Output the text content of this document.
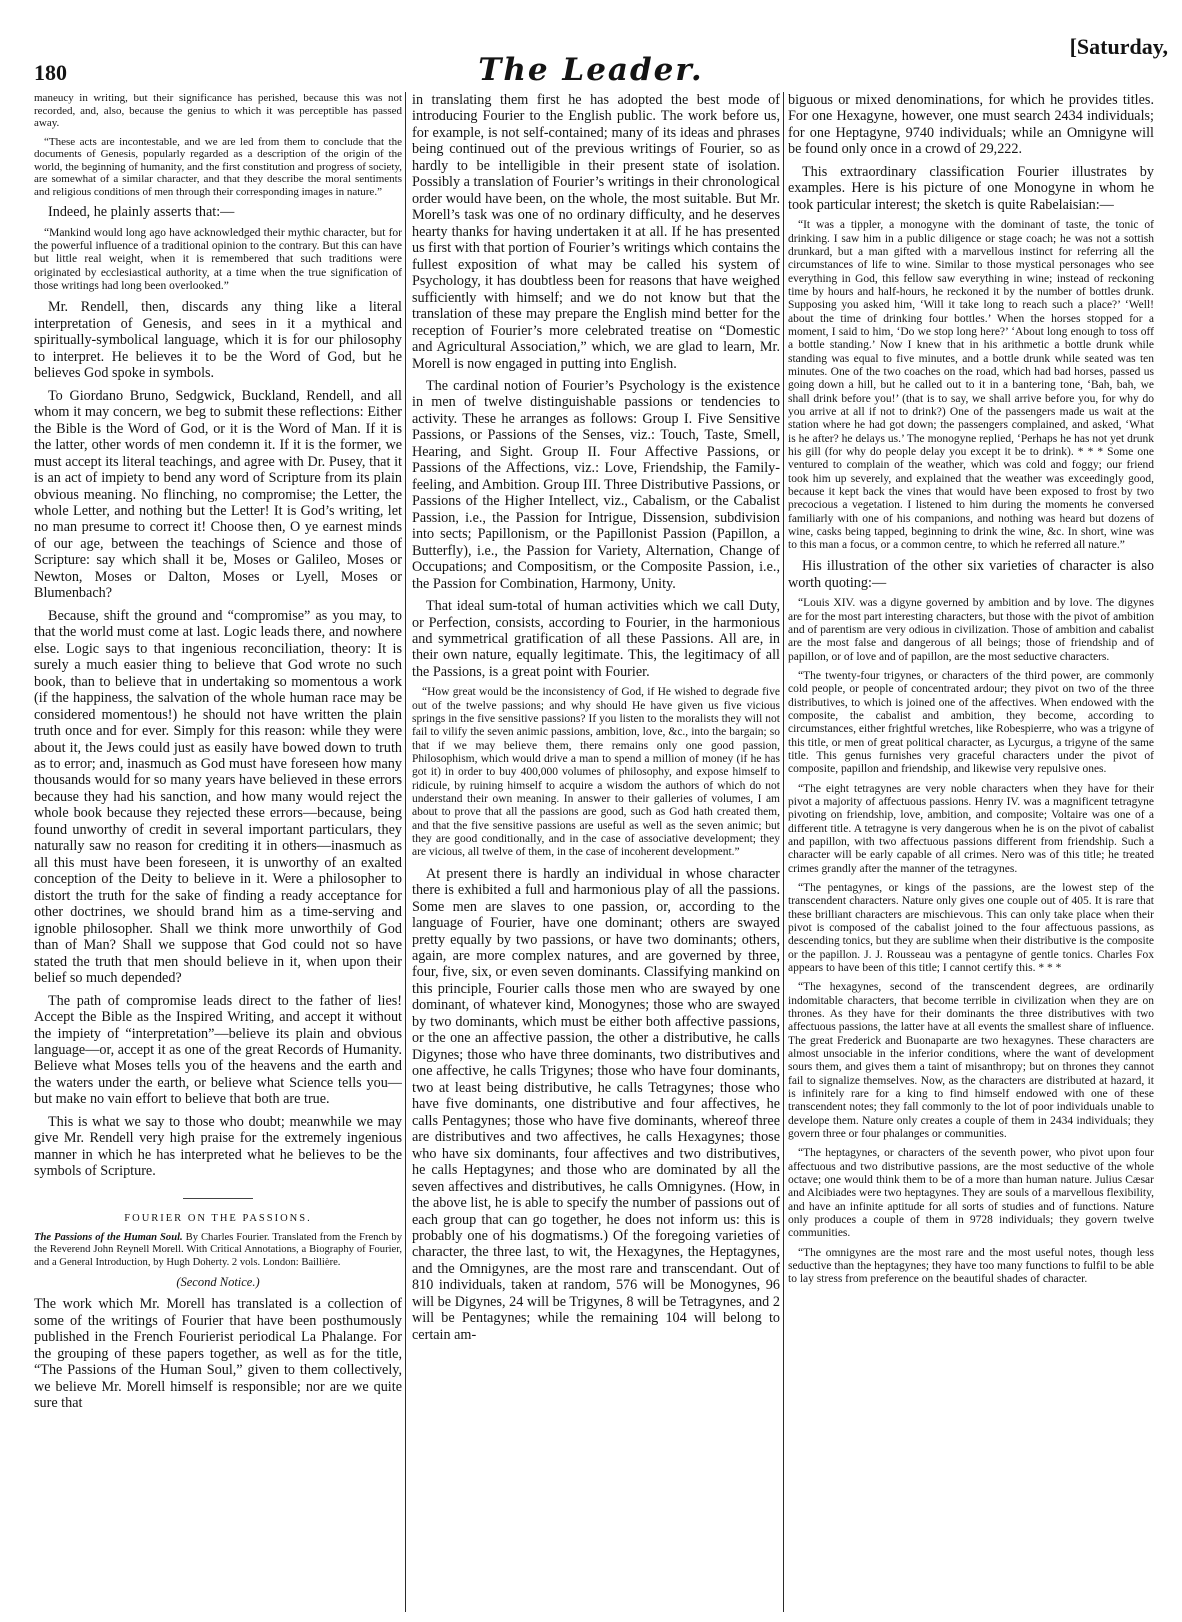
180	The Leader.
[Saturday,

maneucy in writing, but their significance has perished, because this was not recorded, and, also, because the genius to which it was perceptible has passed away.

“These acts are incontestable, and we are led from them to conclude that the documents of Genesis, popularly regarded as a description of the origin of the world, the beginning of humanity, and the first constitution and progress of society, are somewhat of a similar character, and that they describe the moral sentiments and religious conditions of men through their corresponding images in nature.”

Indeed, he plainly asserts that:—

“Mankind would long ago have acknowledged their mythic character, but for the powerful influence of a traditional opinion to the contrary. But this can have but little real weight, when it is remembered that such traditions were originated by ecclesiastical authority, at a time when the true signification of those writings had long been overlooked.”

Mr. Rendell, then, discards any thing like a literal interpretation of Genesis, and sees in it a mythical and spiritually-symbolical language, which it is for our philosophy to interpret. He believes it to be the Word of God, but he believes God spoke in symbols.

To Giordano Bruno, Sedgwick, Buckland, Rendell, and all whom it may concern, we beg to submit these reflections: Either the Bible is the Word of God, or it is the Word of Man. If it is the latter, other words of men condemn it. If it is the former, we must accept its literal teachings, and agree with Dr. Pusey, that it is an act of impiety to bend any word of Scripture from its plain obvious meaning. No flinching, no compromise; the Letter, the whole Letter, and nothing but the Letter! It is God’s writing, let no man presume to correct it! Choose then, O ye earnest minds of our age, between the teachings of Science and those of Scripture: say which shall it be, Moses or Galileo, Moses or Newton, Moses or Dalton, Moses or Lyell, Moses or Blumenbach?

Because, shift the ground and “compromise” as you may, to that the world must come at last. Logic leads there, and nowhere else. Logic says to that ingenious reconciliation, theory: It is surely a much easier thing to believe that God wrote no such book, than to believe that in undertaking so momentous a work (if the happiness, the salvation of the whole human race may be considered momentous!) he should not have written the plain truth once and for ever. Simply for this reason: while they were about it, the Jews could just as easily have bowed down to truth as to error; and, inasmuch as God must have foreseen how many thousands would for so many years have believed in these errors because they had his sanction, and how many would reject the whole book because they rejected these errors—because, being found unworthy of credit in several important particulars, they naturally saw no reason for crediting it in others—inasmuch as all this must have been foreseen, it is unworthy of an exalted conception of the Deity to believe in it. Were a philosopher to distort the truth for the sake of finding a ready acceptance for other doctrines, we should brand him as a time-serving and ignoble philosopher. Shall we think more unworthily of God than of Man? Shall we suppose that God could not so have stated the truth that men should believe in it, when upon their belief so much depended?

The path of compromise leads direct to the father of lies! Accept the Bible as the Inspired Writing, and accept it without the impiety of “interpretation”—believe its plain and obvious language—or, accept it as one of the great Records of Humanity. Believe what Moses tells you of the heavens and the earth and the waters under the earth, or believe what Science tells you—but make no vain effort to believe that both are true.

This is what we say to those who doubt; meanwhile we may give Mr. Rendell very high praise for the extremely ingenious manner in which he has interpreted what he believes to be the symbols of Scripture.

FOURIER ON THE PASSIONS.

The Passions of the Human Soul. By Charles Fourier. Translated from the French by the Reverend John Reynell Morell. With Critical Annotations, a Biography of Fourier, and a General Introduction, by Hugh Doherty. 2 vols. London: Baillière.

(Second Notice.)

The work which Mr. Morell has translated is a collection of some of the writings of Fourier that have been posthumously published in the French Fourierist periodical La Phalange. For the grouping of these papers together, as well as for the title, “The Passions of the Human Soul,” given to them collectively, we believe Mr. Morell himself is responsible; nor are we quite sure that

in translating them first he has adopted the best mode of introducing Fourier to the English public. The work before us, for example, is not self-contained; many of its ideas and phrases being continued out of the previous writings of Fourier, so as hardly to be intelligible in their present state of isolation. Possibly a translation of Fourier’s writings in their chronological order would have been, on the whole, the most suitable. But Mr. Morell’s task was one of no ordinary difficulty, and he deserves hearty thanks for having undertaken it at all. If he has presented us first with that portion of Fourier’s writings which contains the fullest exposition of what may be called his system of Psychology, it has doubtless been for reasons that have weighed sufficiently with himself; and we do not know but that the translation of these may prepare the English mind better for the reception of Fourier’s more celebrated treatise on “Domestic and Agricultural Association,” which, we are glad to learn, Mr. Morell is now engaged in putting into English.

The cardinal notion of Fourier’s Psychology is the existence in men of twelve distinguishable passions or tendencies to activity. These he arranges as follows: Group I. Five Sensitive Passions, or Passions of the Senses, viz.: Touch, Taste, Smell, Hearing, and Sight. Group II. Four Affective Passions, or Passions of the Affections, viz.: Love, Friendship, the Family-feeling, and Ambition. Group III. Three Distributive Passions, or Passions of the Higher Intellect, viz., Cabalism, or the Cabalist Passion, i.e., the Passion for Intrigue, Dissension, subdivision into sects; Papillonism, or the Papillonist Passion (Papillon, a Butterfly), i.e., the Passion for Variety, Alternation, Change of Occupations; and Compositism, or the Composite Passion, i.e., the Passion for Combination, Harmony, Unity.

That ideal sum-total of human activities which we call Duty, or Perfection, consists, according to Fourier, in the harmonious and symmetrical gratification of all these Passions. All are, in their own nature, equally legitimate. This, the legitimacy of all the Passions, is a great point with Fourier.

“How great would be the inconsistency of God, if He wished to degrade five out of the twelve passions; and why should He have given us five vicious springs in the five sensitive passions? If you listen to the moralists they will not fail to vilify the seven animic passions, ambition, love, &c., into the bargain; so that if we may believe them, there remains only one good passion, Philosophism, which would drive a man to spend a million of money (if he has got it) in order to buy 400,000 volumes of philosophy, and expose himself to ridicule, by ruining himself to acquire a wisdom the authors of which do not understand their own meaning. In answer to their galleries of volumes, I am about to prove that all the passions are good, such as God hath created them, and that the five sensitive passions are useful as well as the seven animic; but they are good conditionally, and in the case of associative development; they are vicious, all twelve of them, in the case of incoherent development.”

At present there is hardly an individual in whose character there is exhibited a full and harmonious play of all the passions. Some men are slaves to one passion, or, according to the language of Fourier, have one dominant; others are swayed pretty equally by two passions, or have two dominants; others, again, are more complex natures, and are governed by three, four, five, six, or even seven dominants. Classifying mankind on this principle, Fourier calls those men who are swayed by one dominant, of whatever kind, Monogynes; those who are swayed by two dominants, which must be either both affective passions, or the one an affective passion, the other a distributive, he calls Digynes; those who have three dominants, two distributives and one affective, he calls Trigynes; those who have four dominants, two at least being distributive, he calls Tetragynes; those who have five dominants, one distributive and four affectives, he calls Pentagynes; those who have five dominants, whereof three are distributives and two affectives, he calls Hexagynes; those who have six dominants, four affectives and two distributives, he calls Heptagynes; and those who are dominated by all the seven affectives and distributives, he calls Omnigynes. (How, in the above list, he is able to specify the number of passions out of each group that can go together, he does not inform us: this is probably one of his dogmatisms.) Of the foregoing varieties of character, the three last, to wit, the Hexagynes, the Heptagynes, and the Omnigynes, are the most rare and transcendant. Out of 810 individuals, taken at random, 576 will be Monogynes, 96 will be Digynes, 24 will be Trigynes, 8 will be Tetragynes, and 2 will be Pentagynes; while the remaining 104 will belong to certain am-

biguous or mixed denominations, for which he provides titles. For one Hexagyne, however, one must search 2434 individuals; for one Heptagyne, 9740 individuals; while an Omnigyne will be found only once in a crowd of 29,222.

This extraordinary classification Fourier illustrates by examples. Here is his picture of one Monogyne in whom he took particular interest; the sketch is quite Rabelaisian:—

“It was a tippler, a monogyne with the dominant of taste, the tonic of drinking. I saw him in a public diligence or stage coach; he was not a sottish drunkard, but a man gifted with a marvellous instinct for referring all the circumstances of life to wine. Similar to those mystical personages who see everything in God, this fellow saw everything in wine; instead of reckoning time by hours and half-hours, he reckoned it by the number of bottles drunk. Supposing you asked him, ‘Will it take long to reach such a place?’ ‘Well! about the time of drinking four bottles.’ When the horses stopped for a moment, I said to him, ‘Do we stop long here?’ ‘About long enough to toss off a bottle standing.’ Now I knew that in his arithmetic a bottle drunk while standing was equal to five minutes, and a bottle drunk while seated was ten minutes. One of the two coaches on the road, which had bad horses, passed us going down a hill, but he called out to it in a bantering tone, ‘Bah, bah, we shall drink before you!’ (that is to say, we shall arrive before you, for why do you arrive at all if not to drink?) One of the passengers made us wait at the station where he had got down; the passengers complained, and asked, ‘What is he after? he delays us.’ The monogyne replied, ‘Perhaps he has not yet drunk his gill (for why do people delay you except it be to drink). * * * Some one ventured to complain of the weather, which was cold and foggy; our friend took him up severely, and explained that the weather was exceedingly good, because it kept back the vines that would have been exposed to frost by two precocious a vegetation. I listened to him during the moments he conversed familiarly with one of his companions, and nothing was heard but dozens of wine, casks being tapped, beginning to drink the wine, &c. In short, wine was to this man a focus, or a common centre, to which he referred all nature.”

His illustration of the other six varieties of character is also worth quoting:—

“Louis XIV. was a digyne governed by ambition and by love. The digynes are for the most part interesting characters, but those with the pivot of ambition and of parentism are very odious in civilization. Those of ambition and cabalist are the most false and dangerous of all beings; those of friendship and of papillon, or of love and of papillon, are the most seductive characters.

“The twenty-four trigynes, or characters of the third power, are commonly cold people, or people of concentrated ardour; they pivot on two of the three distributives, to which is joined one of the affectives. When endowed with the composite, the cabalist and ambition, they become, according to circumstances, either frightful wretches, like Robespierre, who was a trigyne of this title, or men of great political character, as Lycurgus, a trigyne of the same title. This genus furnishes very graceful characters under the pivot of composite, papillon and friendship, and likewise very repulsive ones.

“The eight tetragynes are very noble characters when they have for their pivot a majority of affectuous passions. Henry IV. was a magnificent tetragyne pivoting on friendship, love, ambition, and composite; Voltaire was one of a different title. A tetragyne is very dangerous when he is on the pivot of cabalist and papillon, with two affectuous passions different from friendship. Such a character will be early capable of all crimes. Nero was of this title; he treated crimes grandly after the manner of the tetragynes.

“The pentagynes, or kings of the passions, are the lowest step of the transcendent characters. Nature only gives one couple out of 405. It is rare that these brilliant characters are mischievous. This can only take place when their pivot is composed of the cabalist joined to the four affectuous passions, as descending tonics, but they are sublime when their distributive is the composite or the papillon. J. J. Rousseau was a pentagyne of gentle tonics. Charles Fox appears to have been of this title; I cannot certify this. * * *

“The hexagynes, second of the transcendent degrees, are ordinarily indomitable characters, that become terrible in civilization when they are on thrones. As they have for their dominants the three distributives with two affectuous passions, the latter have at all events the smallest share of influence. The great Frederick and Buonaparte are two hexagynes. These characters are almost unsociable in the inferior conditions, where the want of development sours them, and gives them a taint of misanthropy; but on thrones they cannot fail to signalize themselves. Now, as the characters are distributed at hazard, it is infinitely rare for a king to find himself endowed with one of these transcendent notes; they fall commonly to the lot of poor individuals unable to develope them. Nature only creates a couple of them in 2434 individuals; they govern three or four phalanges or communities.

“The heptagynes, or characters of the seventh power, who pivot upon four affectuous and two distributive passions, are the most seductive of the whole octave; one would think them to be of a more than human nature. Julius Cæsar and Alcibiades were two heptagynes. They are souls of a marvellous flexibility, and have an infinite aptitude for all sorts of studies and of functions. Nature only produces a couple of them in 9728 individuals; they govern twelve communities.

“The omnigynes are the most rare and the most useful notes, though less seductive than the heptagynes; they have too many functions to fulfil to be able to lay stress from preference on the beautiful shades of character.
